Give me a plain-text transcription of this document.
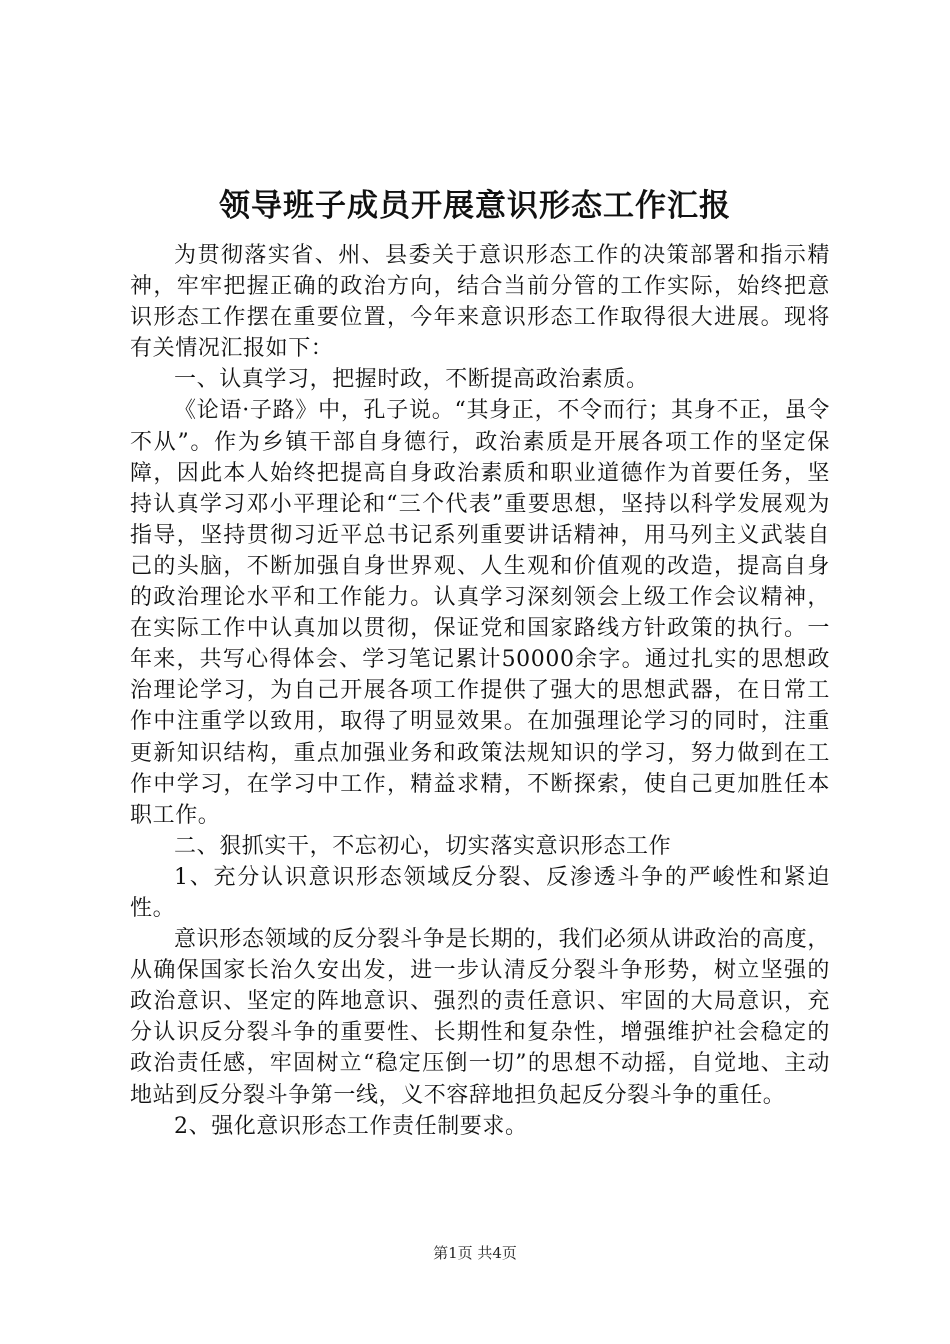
领导班子成员开展意识形态工作汇报

为贯彻落实省、州、县委关于意识形态工作的决策部署和指示精神，牢牢把握正确的政治方向，结合当前分管的工作实际，始终把意识形态工作摆在重要位置，今年来意识形态工作取得很大进展。现将有关情况汇报如下：

一、认真学习，把握时政，不断提高政治素质。

《论语·子路》中，孔子说。“其身正，不令而行；其身不正，虽令不从”。作为乡镇干部自身德行，政治素质是开展各项工作的坚定保障，因此本人始终把提高自身政治素质和职业道德作为首要任务，坚持认真学习邓小平理论和“三个代表”重要思想，坚持以科学发展观为指导，坚持贯彻习近平总书记系列重要讲话精神，用马列主义武装自己的头脑，不断加强自身世界观、人生观和价值观的改造，提高自身的政治理论水平和工作能力。认真学习深刻领会上级工作会议精神，在实际工作中认真加以贯彻，保证党和国家路线方针政策的执行。一年来，共写心得体会、学习笔记累计50000余字。通过扎实的思想政治理论学习，为自己开展各项工作提供了强大的思想武器，在日常工作中注重学以致用，取得了明显效果。在加强理论学习的同时，注重更新知识结构，重点加强业务和政策法规知识的学习，努力做到在工作中学习，在学习中工作，精益求精，不断探索，使自己更加胜任本职工作。

二、狠抓实干，不忘初心，切实落实意识形态工作

1、充分认识意识形态领域反分裂、反渗透斗争的严峻性和紧迫性。

意识形态领域的反分裂斗争是长期的，我们必须从讲政治的高度，从确保国家长治久安出发，进一步认清反分裂斗争形势，树立坚强的政治意识、坚定的阵地意识、强烈的责任意识、牢固的大局意识，充分认识反分裂斗争的重要性、长期性和复杂性，增强维护社会稳定的政治责任感，牢固树立“稳定压倒一切”的思想不动摇，自觉地、主动地站到反分裂斗争第一线，义不容辞地担负起反分裂斗争的重任。

2、强化意识形态工作责任制要求。

第1页 共4页
